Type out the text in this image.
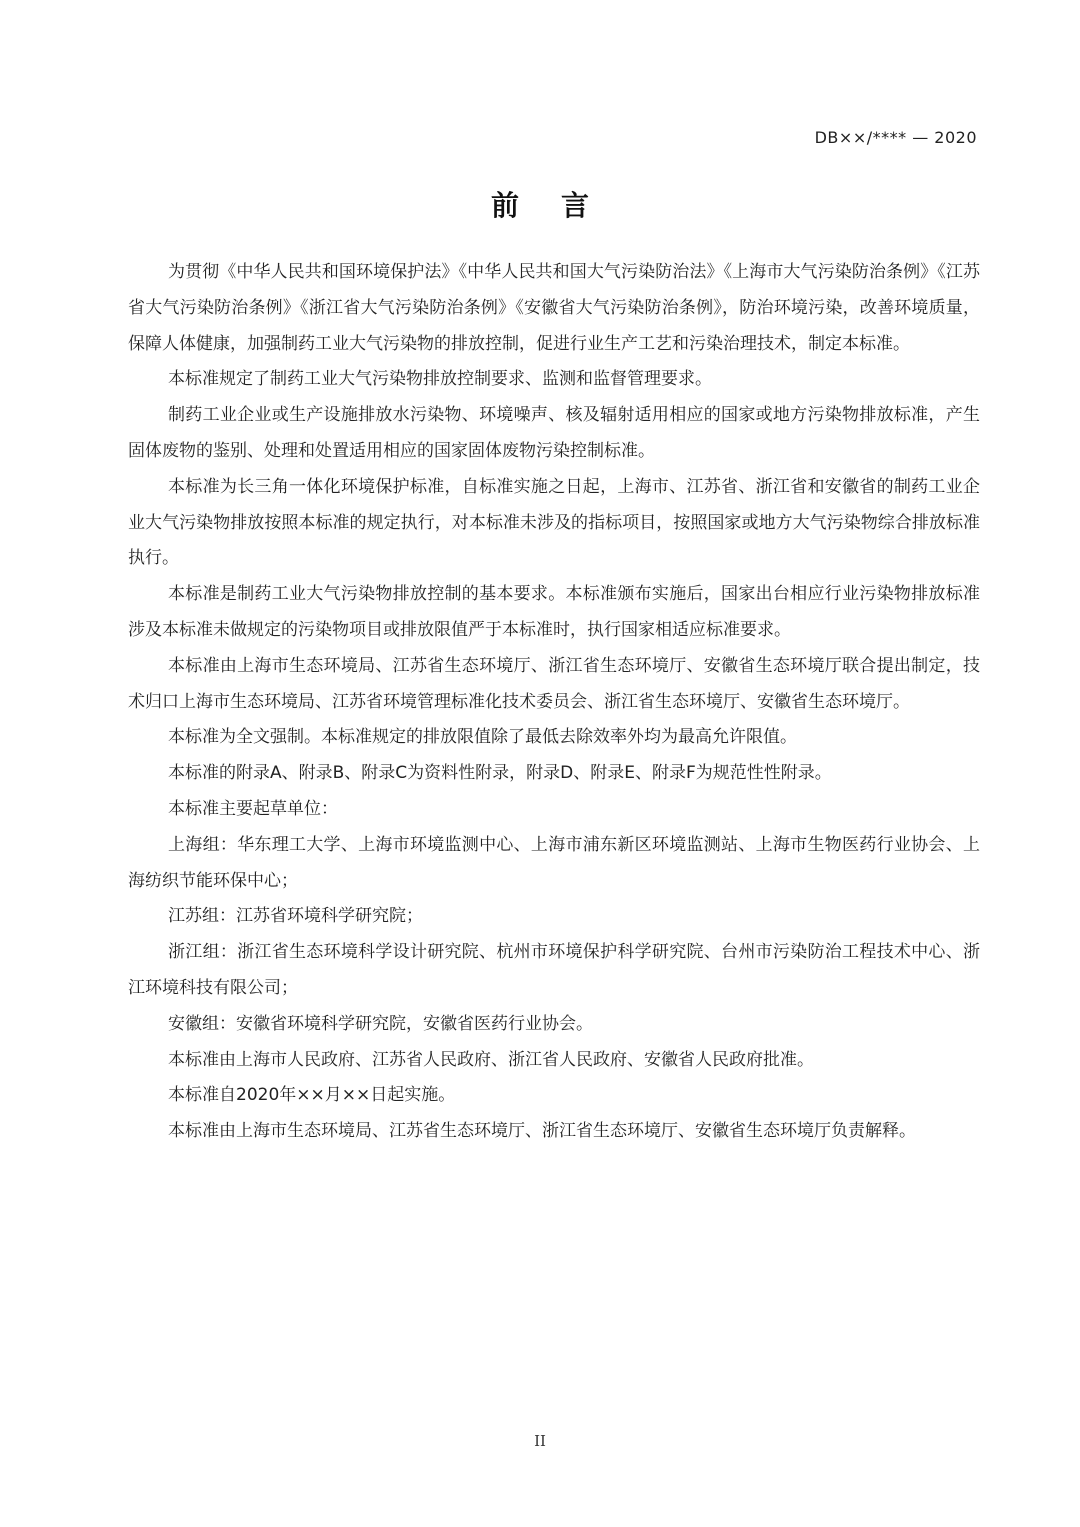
DB××/**** — 2020
前言

为贯彻《中华人民共和国环境保护法》《中华人民共和国大气污染防治法》《上海市大气污染防治条例》《江苏省大气污染防治条例》《浙江省大气污染防治条例》《安徽省大气污染防治条例》，防治环境污染，改善环境质量，保障人体健康，加强制药工业大气污染物的排放控制，促进行业生产工艺和污染治理技术，制定本标准。

本标准规定了制药工业大气污染物排放控制要求、监测和监督管理要求。

制药工业企业或生产设施排放水污染物、环境噪声、核及辐射适用相应的国家或地方污染物排放标准，产生固体废物的鉴别、处理和处置适用相应的国家固体废物污染控制标准。

本标准为长三角一体化环境保护标准，自标准实施之日起，上海市、江苏省、浙江省和安徽省的制药工业企业大气污染物排放按照本标准的规定执行，对本标准未涉及的指标项目，按照国家或地方大气污染物综合排放标准执行。

本标准是制药工业大气污染物排放控制的基本要求。本标准颁布实施后，国家出台相应行业污染物排放标准涉及本标准未做规定的污染物项目或排放限值严于本标准时，执行国家相适应标准要求。

本标准由上海市生态环境局、江苏省生态环境厅、浙江省生态环境厅、安徽省生态环境厅联合提出制定，技术归口上海市生态环境局、江苏省环境管理标准化技术委员会、浙江省生态环境厅、安徽省生态环境厅。

本标准为全文强制。本标准规定的排放限值除了最低去除效率外均为最高允许限值。

本标准的附录A、附录B、附录C为资料性附录，附录D、附录E、附录F为规范性性附录。

本标准主要起草单位：

上海组：华东理工大学、上海市环境监测中心、上海市浦东新区环境监测站、上海市生物医药行业协会、上海纺织节能环保中心；

江苏组：江苏省环境科学研究院；

浙江组：浙江省生态环境科学设计研究院、杭州市环境保护科学研究院、台州市污染防治工程技术中心、浙江环境科技有限公司；

安徽组：安徽省环境科学研究院，安徽省医药行业协会。

本标准由上海市人民政府、江苏省人民政府、浙江省人民政府、安徽省人民政府批准。

本标准自2020年××月××日起实施。

本标准由上海市生态环境局、江苏省生态环境厅、浙江省生态环境厅、安徽省生态环境厅负责解释。

II
